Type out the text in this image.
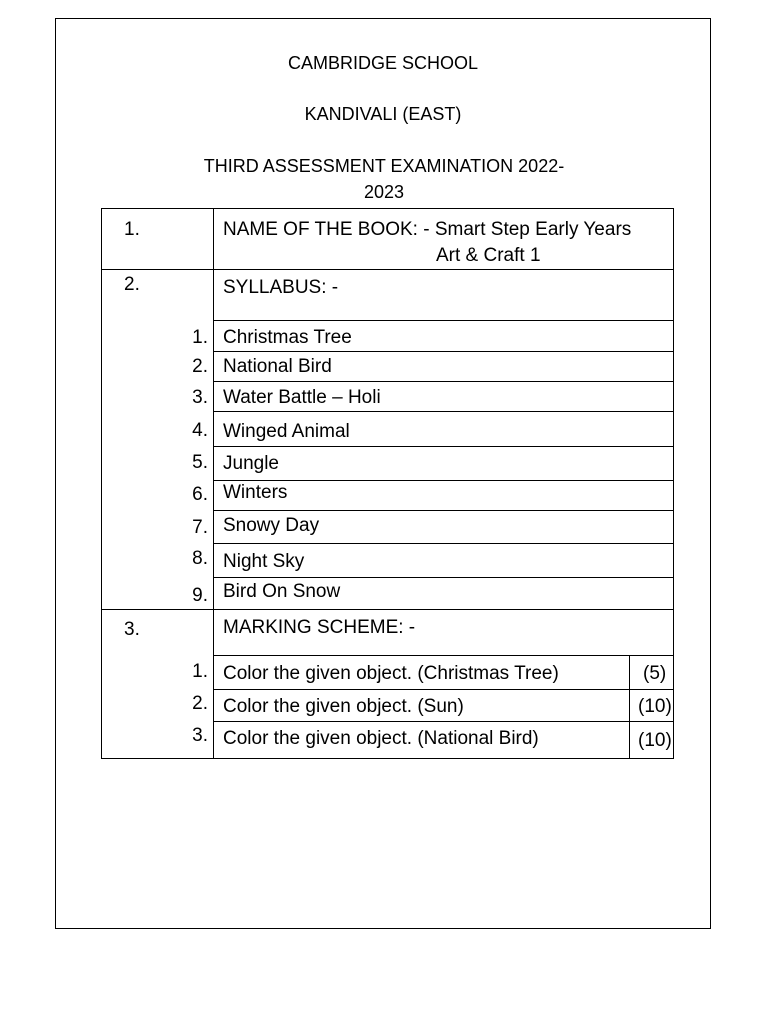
CAMBRIDGE SCHOOL
KANDIVALI (EAST)
THIRD ASSESSMENT EXAMINATION 2022-
2023
1.	NAME OF THE BOOK: - Smart Step Early Years
Art & Craft 1
2.	SYLLABUS: -
1. Christmas Tree
2. National Bird
3. Water Battle – Holi
4. Winged Animal
5. Jungle
6. Winters
7. Snowy Day
8. Night Sky
9. Bird On Snow
3.	MARKING SCHEME: -
1. Color the given object. (Christmas Tree)	(5)
2. Color the given object. (Sun)	(10)
3. Color the given object. (National Bird)	(10)
